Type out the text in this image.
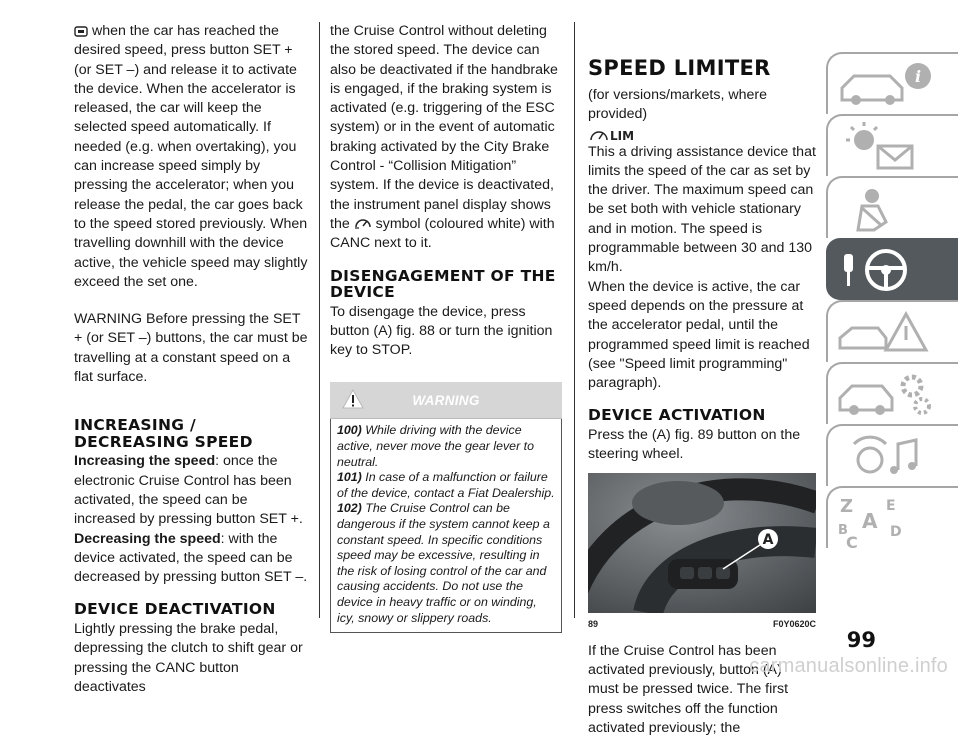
when the car has reached the desired speed, press button SET + (or SET –) and release it to activate the device. When the accelerator is released, the car will keep the selected speed automatically. If needed (e.g. when overtaking), you can increase speed simply by pressing the accelerator; when you release the pedal, the car goes back to the speed stored previously. When travelling downhill with the device active, the vehicle speed may slightly exceed the set one.

WARNING Before pressing the SET + (or SET –) buttons, the car must be travelling at a constant speed on a flat surface.

INCREASING / DECREASING SPEED

Increasing the speed: once the electronic Cruise Control has been activated, the speed can be increased by pressing button SET +.

Decreasing the speed: with the device activated, the speed can be decreased by pressing button SET –.

DEVICE DEACTIVATION

Lightly pressing the brake pedal, depressing the clutch to shift gear or pressing the CANC button deactivates

the Cruise Control without deleting the stored speed. The device can also be deactivated if the handbrake is engaged, if the braking system is activated (e.g. triggering of the ESC system) or in the event of automatic braking activated by the City Brake Control - “Collision Mitigation” system. If the device is deactivated, the instrument panel display shows the symbol (coloured white) with CANC next to it.

DISENGAGEMENT OF THE DEVICE

To disengage the device, press button (A) fig. 88 or turn the ignition key to STOP.

WARNING

100) While driving with the device active, never move the gear lever to neutral.

101) In case of a malfunction or failure of the device, contact a Fiat Dealership.

102) The Cruise Control can be dangerous if the system cannot keep a constant speed. In specific conditions speed may be excessive, resulting in the risk of losing control of the car and causing accidents. Do not use the device in heavy traffic or on winding, icy, snowy or slippery roads.

SPEED LIMITER

(for versions/markets, where provided)

LIM

This a driving assistance device that limits the speed of the car as set by the driver. The maximum speed can be set both with vehicle stationary and in motion. The speed is programmable between 30 and 130 km/h.

When the device is active, the car speed depends on the pressure at the accelerator pedal, until the programmed speed limit is reached (see "Speed limit programming" paragraph).

DEVICE ACTIVATION

Press the (A) fig. 89 button on the steering wheel.

A
89	F0Y0620C

If the Cruise Control has been activated previously, button (A) must be pressed twice. The first press switches off the function activated previously; the

i
Z E
A
B
C
D
99
carmanualsonline.info
